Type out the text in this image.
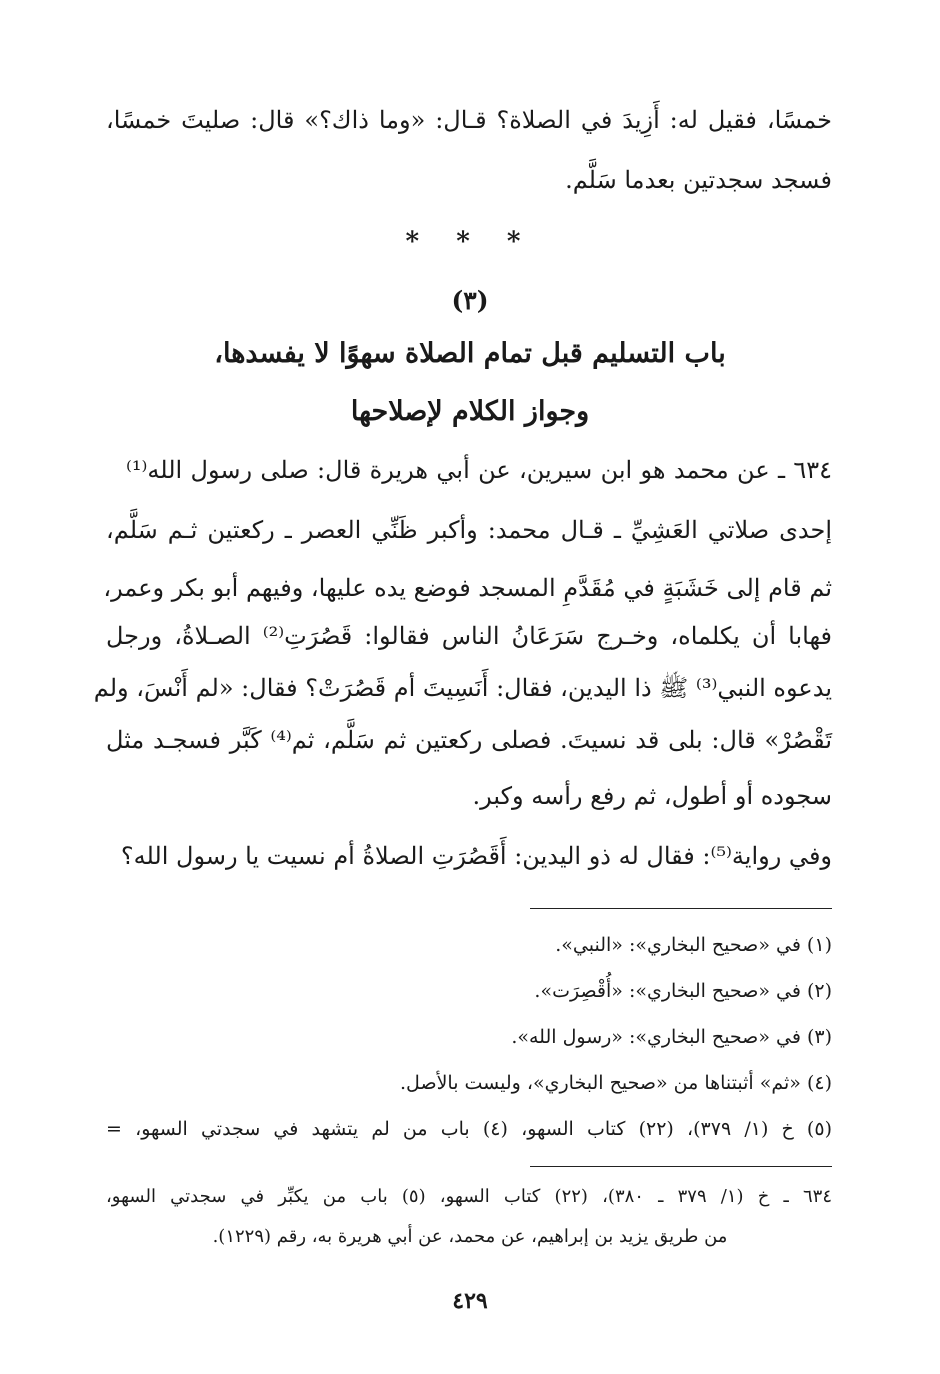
خمسًا، فقيل له: أَزِيدَ في الصلاة؟ قـال: «وما ذاك؟» قال: صليتَ خمسًا،
فسجد سجدتين بعدما سَلَّم.
* * *
(٣)
باب التسليم قبل تمام الصلاة سهوًا لا يفسدها،
وجواز الكلام لإصلاحها
٦٣٤ ـ عن محمد هو ابن سيرين، عن أبي هريرة قال: صلى رسول الله⁽¹⁾
إحدى صلاتي العَشِيِّ ـ قـال محمد: وأكبر ظَنِّي العصر ـ ركعتين ثـم سَلَّم،
ثم قام إلى خَشَبَةٍ في مُقَدَّمِ المسجد فوضع يده عليها، وفيهم أبو بكر وعمر،
فهابا أن يكلماه، وخـرج سَرَعَانُ الناس فقالوا: قَصُرَتِ⁽²⁾ الصـلاةُ، ورجل
يدعوه النبي⁽³⁾ ﷺ ذا اليدين، فقال: أَنَسِيتَ أم قَصُرَتْ؟ فقال: «لم أَنْسَ، ولم
تَقْصُرْ» قال: بلى قد نسيتَ. فصلى ركعتين ثم سَلَّم، ثم⁽⁴⁾ كَبَّر فسجـد مثل
سجوده أو أطول، ثم رفع رأسه وكبر.
وفي رواية⁽⁵⁾: فقال له ذو اليدين: أَقَصُرَتِ الصلاةُ أم نسيت يا رسول الله؟
(١) في «صحيح البخاري»: «النبي».
(٢) في «صحيح البخاري»: «أُقْصِرَت».
(٣) في «صحيح البخاري»: «رسول الله».
(٤) «ثم» أثبتناها من «صحيح البخاري»، وليست بالأصل.
(٥) خ (١/ ٣٧٩)، (٢٢) كتاب السهو، (٤) باب من لم يتشهد في سجدتي السهو، =
٦٣٤ ـ خ (١/ ٣٧٩ ـ ٣٨٠)، (٢٢) كتاب السهو، (٥) باب من يكبِّر في سجدتي السهو،
من طريق يزيد بن إبراهيم، عن محمد، عن أبي هريرة به، رقم (١٢٢٩).
٤٢٩
